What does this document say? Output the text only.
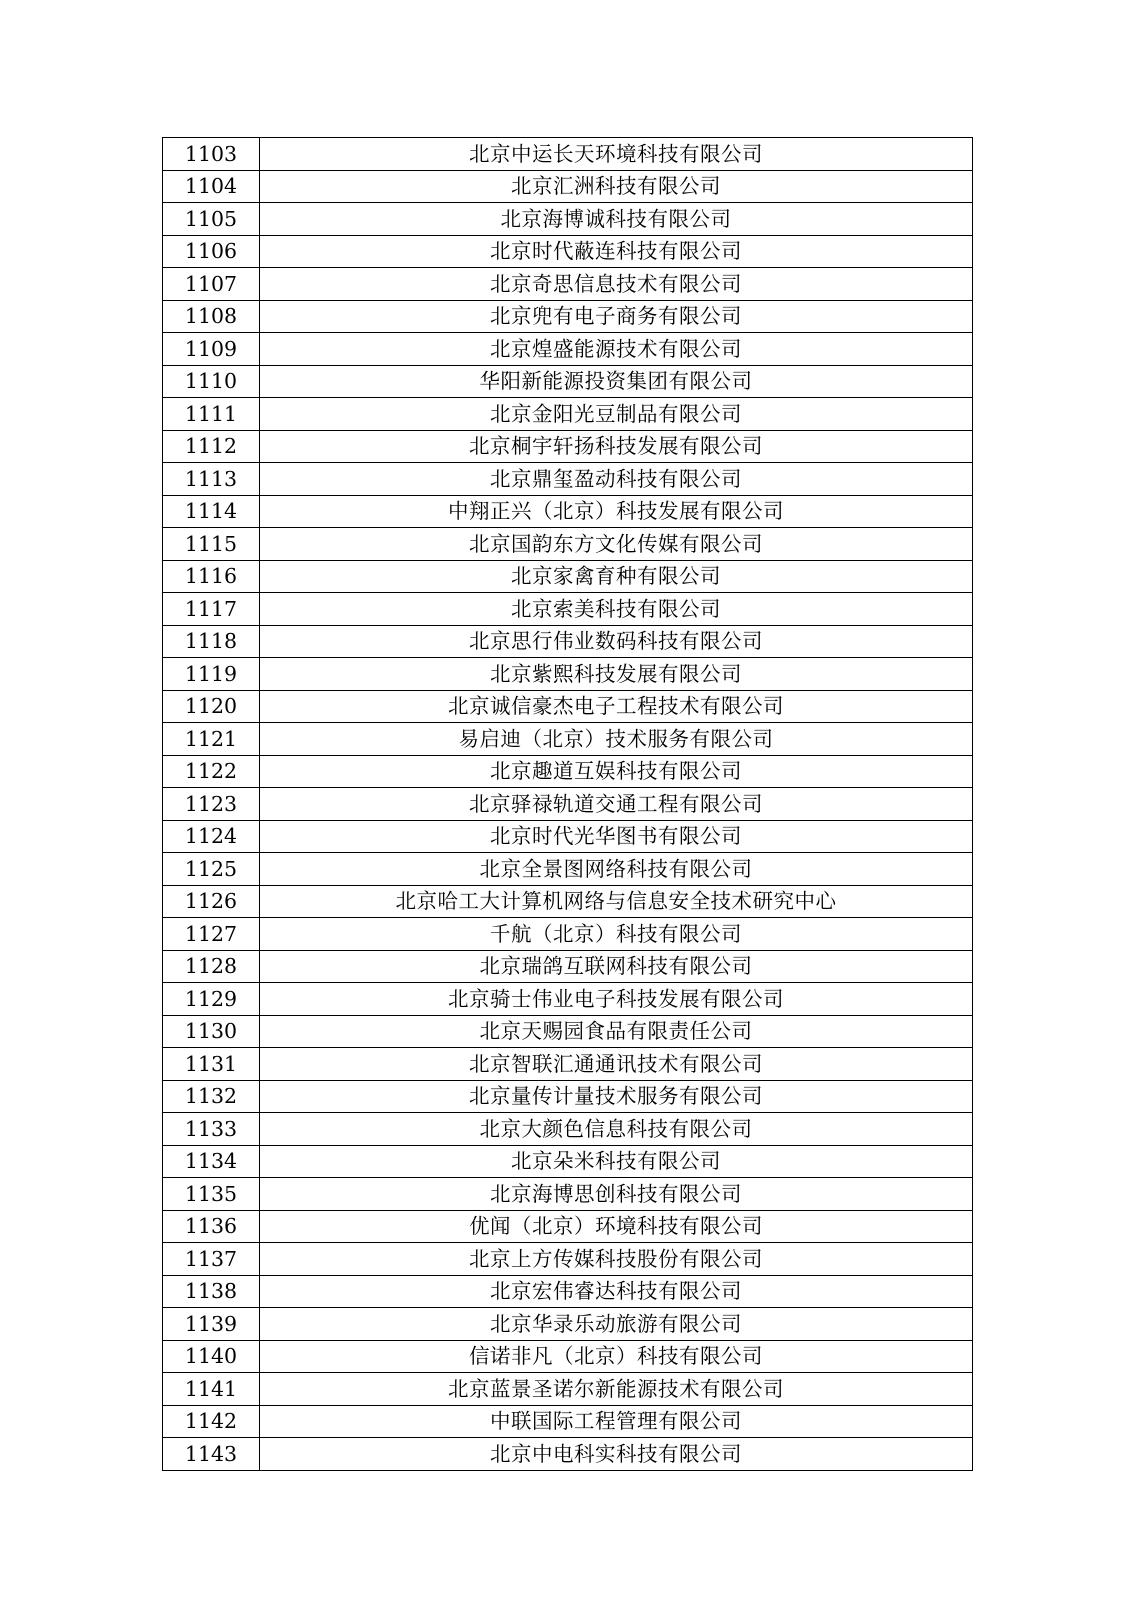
1103	北京中运长天环境科技有限公司
1104	北京汇洲科技有限公司
1105	北京海博诚科技有限公司
1106	北京时代蔽连科技有限公司
1107	北京奇思信息技术有限公司
1108	北京兜有电子商务有限公司
1109	北京煌盛能源技术有限公司
1110	华阳新能源投资集团有限公司
1111	北京金阳光豆制品有限公司
1112	北京桐宇轩扬科技发展有限公司
1113	北京鼎玺盈动科技有限公司
1114	中翔正兴（北京）科技发展有限公司
1115	北京国韵东方文化传媒有限公司
1116	北京家禽育种有限公司
1117	北京索美科技有限公司
1118	北京思行伟业数码科技有限公司
1119	北京紫熙科技发展有限公司
1120	北京诚信豪杰电子工程技术有限公司
1121	易启迪（北京）技术服务有限公司
1122	北京趣道互娱科技有限公司
1123	北京驿禄轨道交通工程有限公司
1124	北京时代光华图书有限公司
1125	北京全景图网络科技有限公司
1126	北京哈工大计算机网络与信息安全技术研究中心
1127	千航（北京）科技有限公司
1128	北京瑞鸽互联网科技有限公司
1129	北京骑士伟业电子科技发展有限公司
1130	北京天赐园食品有限责任公司
1131	北京智联汇通通讯技术有限公司
1132	北京量传计量技术服务有限公司
1133	北京大颜色信息科技有限公司
1134	北京朵米科技有限公司
1135	北京海博思创科技有限公司
1136	优闻（北京）环境科技有限公司
1137	北京上方传媒科技股份有限公司
1138	北京宏伟睿达科技有限公司
1139	北京华录乐动旅游有限公司
1140	信诺非凡（北京）科技有限公司
1141	北京蓝景圣诺尔新能源技术有限公司
1142	中联国际工程管理有限公司
1143	北京中电科实科技有限公司
